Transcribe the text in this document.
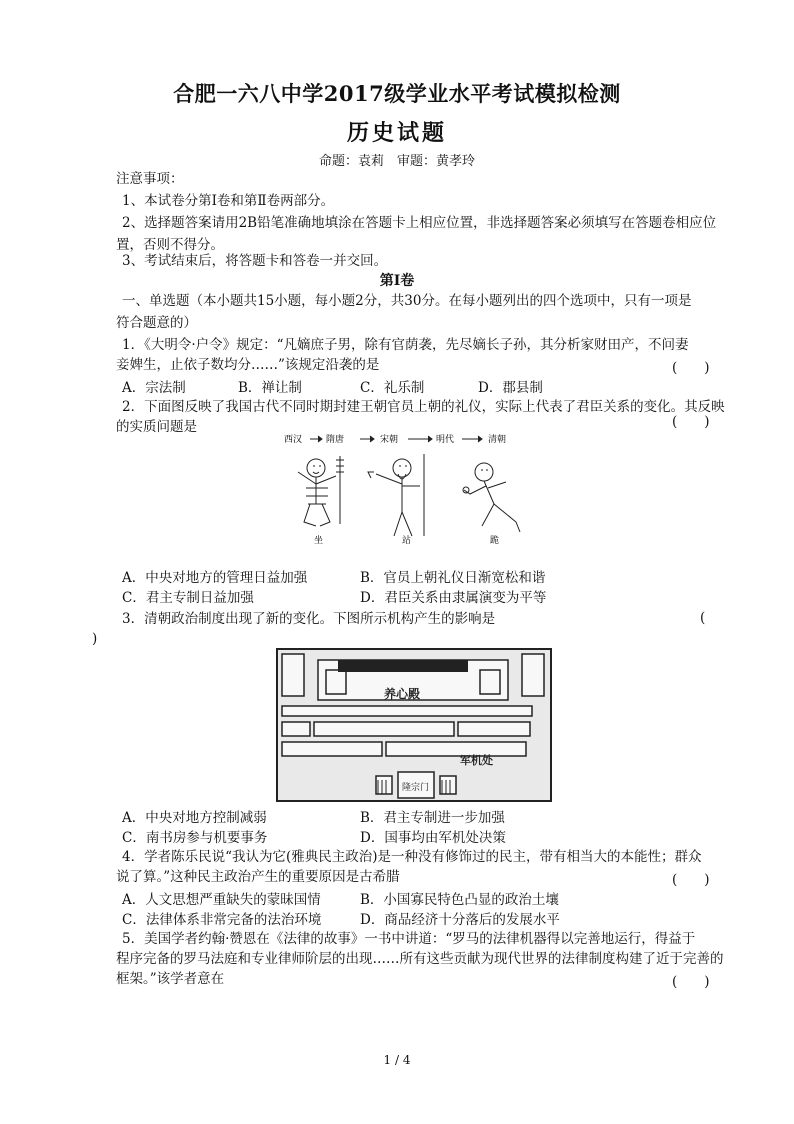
合肥一六八中学2017级学业水平考试模拟检测
历史试题
命题：袁莉　审题：黄孝玲
注意事项：
1、本试卷分第Ⅰ卷和第Ⅱ卷两部分。
2、选择题答案请用2B铅笔准确地填涂在答题卡上相应位置，非选择题答案必须填写在答题卷相应位
置，否则不得分。
3、考试结束后，将答题卡和答卷一并交回。
第Ⅰ卷
一、单选题（本小题共15小题，每小题2分，共30分。在每小题列出的四个选项中，只有一项是
符合题意的）
1．《大明令·户令》规定：“凡嫡庶子男，除有官荫袭，先尽嫡长子孙，其分析家财田产，不问妻
妾婢生，止依子数均分……”该规定沿袭的是	(　　)
A．宗法制	B．禅让制	C．礼乐制	D．郡县制
2．下面图反映了我国古代不同时期封建王朝官员上朝的礼仪，实际上代表了君臣关系的变化。其反映
的实质问题是	(　　)
西汉	隋唐	宋朝	明代	清朝
坐	站	跪
A．中央对地方的管理日益加强	B．官员上朝礼仪日渐宽松和谐
C．君主专制日益加强	D．君臣关系由隶属演变为平等
3．清朝政治制度出现了新的变化。下图所示机构产生的影响是	(
)
养心殿
军机处
隆宗门
A．中央对地方控制减弱	B．君主专制进一步加强
C．南书房参与机要事务	D．国事均由军机处决策
4．学者陈乐民说“我认为它(雅典民主政治)是一种没有修饰过的民主，带有相当大的本能性；群众
说了算。”这种民主政治产生的重要原因是古希腊	(　　)
A．人文思想严重缺失的蒙昧国情	B．小国寡民特色凸显的政治土壤
C．法律体系非常完备的法治环境	D．商品经济十分落后的发展水平
5．美国学者约翰·赞恩在《法律的故事》一书中讲道：“罗马的法律机器得以完善地运行，得益于
程序完备的罗马法庭和专业律师阶层的出现……所有这些贡献为现代世界的法律制度构建了近于完善的
框架。”该学者意在	(　　)
1 / 4
